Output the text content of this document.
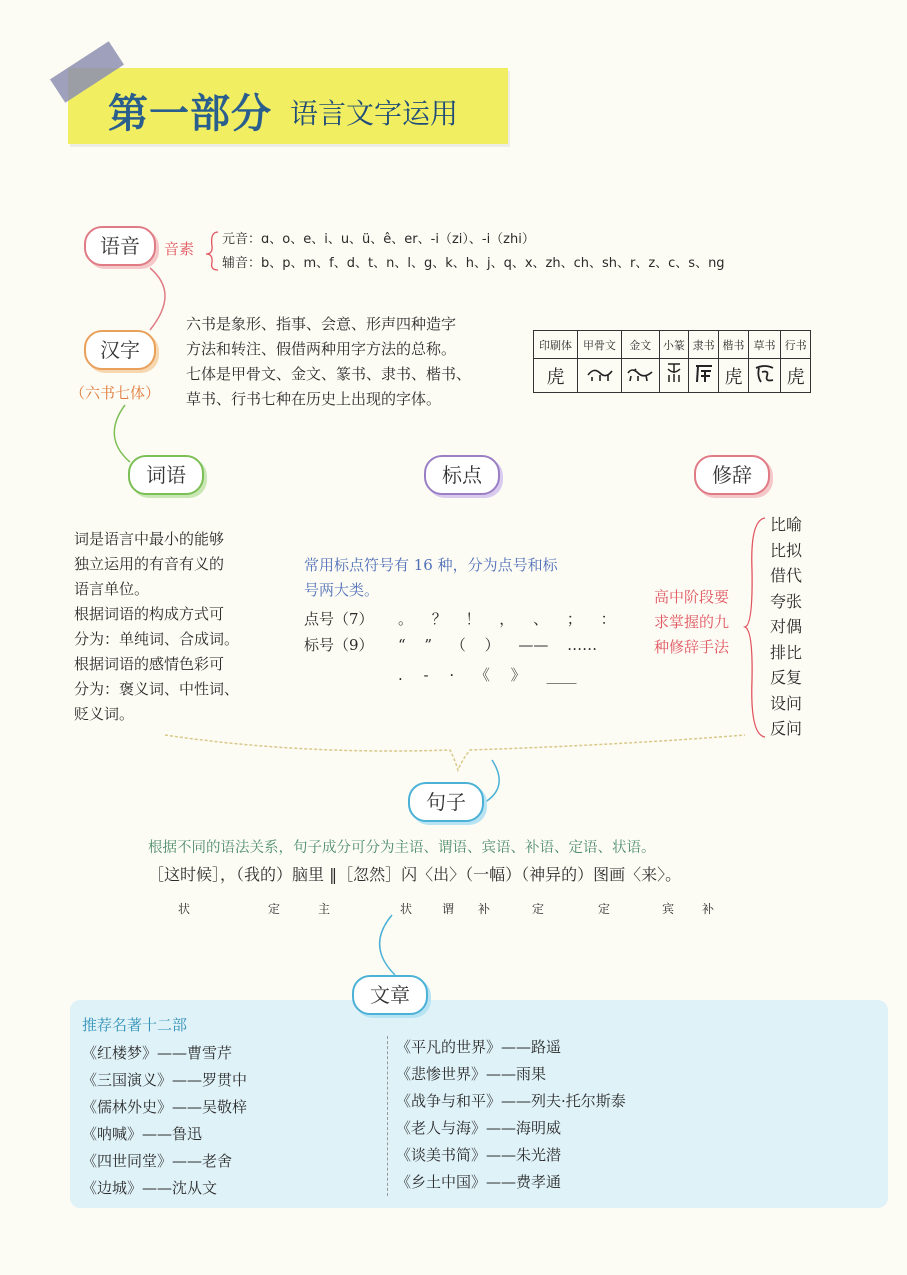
第一部分 语言文字运用
语音	音素
元音：ɑ、o、e、i、u、ü、ê、er、-i（zi）、-i（zhi）
辅音：b、p、m、f、d、t、n、l、g、k、h、j、q、x、zh、ch、sh、r、z、c、s、ng
汉字
（六书七体）
六书是象形、指事、会意、形声四种造字
方法和转注、假借两种用字方法的总称。
七体是甲骨文、金文、篆书、隶书、楷书、
草书、行书七种在历史上出现的字体。
印刷体	甲骨文	金文	小篆	隶书	楷书	草书	行书
虎					虎		虎
词语	标点	修辞
词是语言中最小的能够
独立运用的有音有义的
语言单位。
根据词语的构成方式可
分为：单纯词、合成词。
根据词语的感情色彩可
分为：褒义词、中性词、
贬义词。
常用标点符号有 16 种，分为点号和标
号两大类。
点号（7） 。 ？ ！ ， 、 ； ：
标号（9） “ ” （ ） —— ……
. - · 《 》 ____
高中阶段要
求掌握的九
种修辞手法
比喻
比拟
借代
夸张
对偶
排比
反复
设问
反问
句子
根据不同的语法关系，句子成分可分为主语、谓语、宾语、补语、定语、状语。
［这时候］，（我的）脑里 ‖［忽然］闪〈出〉（一幅）（神异的）图画〈来〉。
状	定	主	状 谓 补	定	定	宾 补
文章
推荐名著十二部
《红楼梦》——曹雪芹
《三国演义》——罗贯中
《儒林外史》——吴敬梓
《呐喊》——鲁迅
《四世同堂》——老舍
《边城》——沈从文
《平凡的世界》——路遥
《悲惨世界》——雨果
《战争与和平》——列夫·托尔斯泰
《老人与海》——海明威
《谈美书简》——朱光潜
《乡土中国》——费孝通
